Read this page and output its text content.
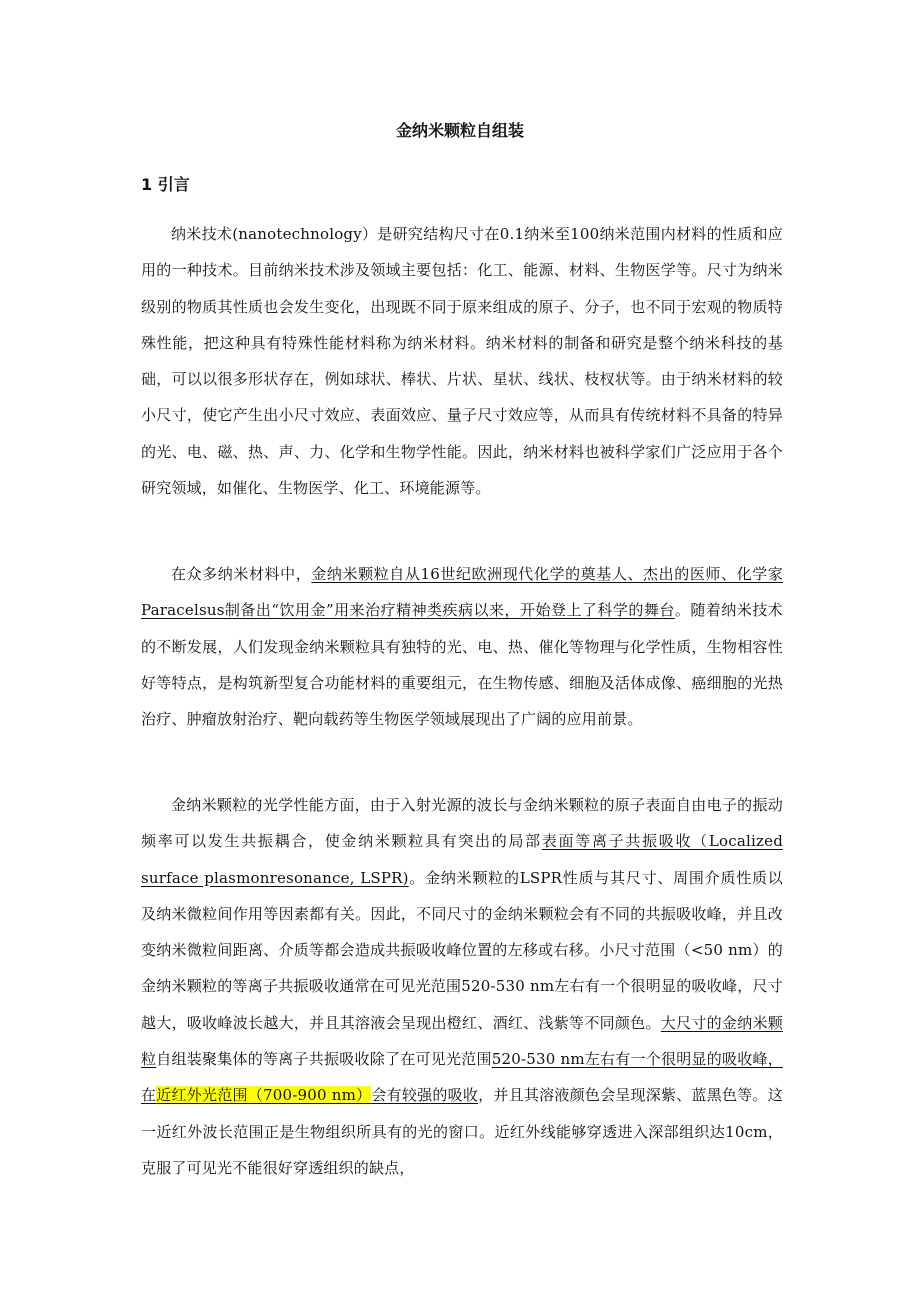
金纳米颗粒自组装
1 引言
纳米技术(nanotechnology）是研究结构尺寸在0.1纳米至100纳米范围内材料的性质和应用的一种技术。目前纳米技术涉及领域主要包括：化工、能源、材料、生物医学等。尺寸为纳米级别的物质其性质也会发生变化，出现既不同于原来组成的原子、分子，也不同于宏观的物质特殊性能，把这种具有特殊性能材料称为纳米材料。纳米材料的制备和研究是整个纳米科技的基础，可以以很多形状存在，例如球状、棒状、片状、星状、线状、枝杈状等。由于纳米材料的较小尺寸，使它产生出小尺寸效应、表面效应、量子尺寸效应等，从而具有传统材料不具备的特异的光、电、磁、热、声、力、化学和生物学性能。因此，纳米材料也被科学家们广泛应用于各个研究领域，如催化、生物医学、化工、环境能源等。
在众多纳米材料中，金纳米颗粒自从16世纪欧洲现代化学的奠基人、杰出的医师、化学家Paracelsus制备出“饮用金”用来治疗精神类疾病以来，开始登上了科学的舞台。随着纳米技术的不断发展，人们发现金纳米颗粒具有独特的光、电、热、催化等物理与化学性质，生物相容性好等特点，是构筑新型复合功能材料的重要组元，在生物传感、细胞及活体成像、癌细胞的光热治疗、肿瘤放射治疗、靶向载药等生物医学领域展现出了广阔的应用前景。
金纳米颗粒的光学性能方面，由于入射光源的波长与金纳米颗粒的原子表面自由电子的振动频率可以发生共振耦合，使金纳米颗粒具有突出的局部表面等离子共振吸收（Localized surface plasmonresonance, LSPR)。金纳米颗粒的LSPR性质与其尺寸、周围介质性质以及纳米微粒间作用等因素都有关。因此，不同尺寸的金纳米颗粒会有不同的共振吸收峰，并且改变纳米微粒间距离、介质等都会造成共振吸收峰位置的左移或右移。小尺寸范围（<50 nm）的金纳米颗粒的等离子共振吸收通常在可见光范围520-530 nm左右有一个很明显的吸收峰，尺寸越大，吸收峰波长越大，并且其溶液会呈现出橙红、酒红、浅紫等不同颜色。大尺寸的金纳米颗粒自组装聚集体的等离子共振吸收除了在可见光范围520-530 nm左右有一个很明显的吸收峰，在近红外光范围（700-900 nm）会有较强的吸收，并且其溶液颜色会呈现深紫、蓝黑色等。这一近红外波长范围正是生物组织所具有的光的窗口。近红外线能够穿透进入深部组织达10cm，克服了可见光不能很好穿透组织的缺点，
